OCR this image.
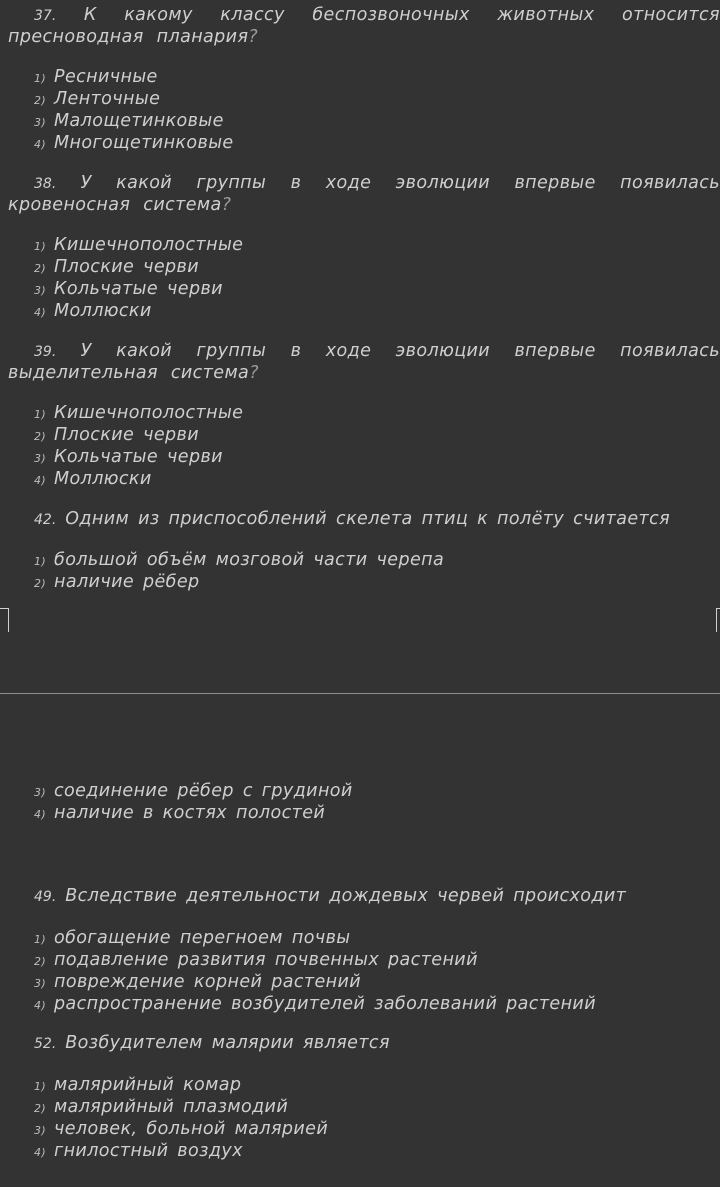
37. К какому классу беспозвоночных животных относится пресноводная планария?
1) Ресничные
2) Ленточные
3) Малощетинковые
4) Многощетинковые
38. У какой группы в ходе эволюции впервые появилась кровеносная система?
1) Кишечнополостные
2) Плоские черви
3) Кольчатые черви
4) Моллюски
39. У какой группы в ходе эволюции впервые появилась выделительная система?
1) Кишечнополостные
2) Плоские черви
3) Кольчатые черви
4) Моллюски
42. Одним из приспособлений скелета птиц к полёту считается
1) большой объём мозговой части черепа
2) наличие рёбер
3) соединение рёбер с грудиной
4) наличие в костях полостей
49. Вследствие деятельности дождевых червей происходит
1) обогащение перегноем почвы
2) подавление развития почвенных растений
3) повреждение корней растений
4) распространение возбудителей заболеваний растений
52. Возбудителем малярии является
1) малярийный комар
2) малярийный плазмодий
3) человек, больной малярией
4) гнилостный воздух
